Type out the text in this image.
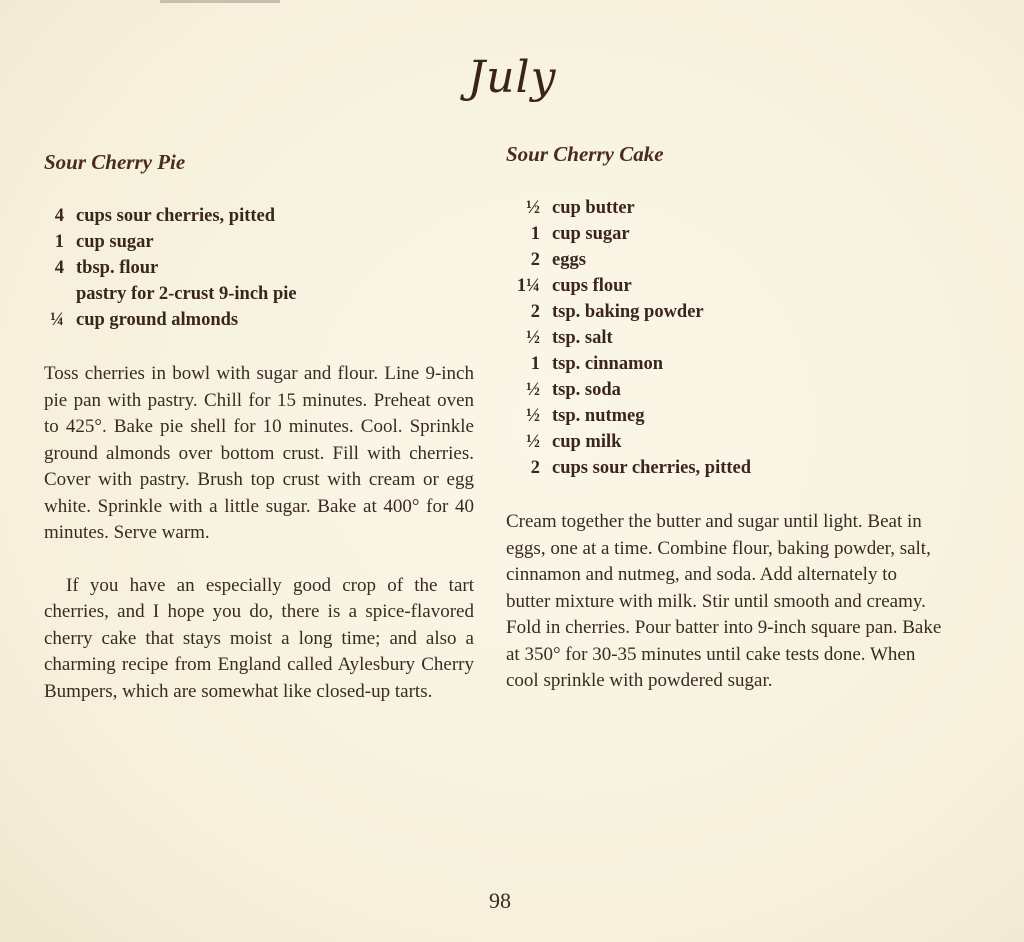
July
Sour Cherry Pie
4 cups sour cherries, pitted
1 cup sugar
4 tbsp. flour
pastry for 2-crust 9-inch pie
¼ cup ground almonds

Toss cherries in bowl with sugar and flour. Line 9-inch pie pan with pastry. Chill for 15 minutes. Preheat oven to 425°. Bake pie shell for 10 minutes. Cool. Sprinkle ground almonds over bottom crust. Fill with cherries. Cover with pastry. Brush top crust with cream or egg white. Sprinkle with a little sugar. Bake at 400° for 40 minutes. Serve warm.

If you have an especially good crop of the tart cherries, and I hope you do, there is a spice-flavored cherry cake that stays moist a long time; and also a charming recipe from England called Aylesbury Cherry Bumpers, which are somewhat like closed-up tarts.

Sour Cherry Cake
½ cup butter
1 cup sugar
2 eggs
1¼ cups flour
2 tsp. baking powder
½ tsp. salt
1 tsp. cinnamon
½ tsp. soda
½ tsp. nutmeg
½ cup milk
2 cups sour cherries, pitted

Cream together the butter and sugar until light. Beat in eggs, one at a time. Combine flour, baking powder, salt, cinnamon and nutmeg, and soda. Add alternately to butter mixture with milk. Stir until smooth and creamy. Fold in cherries. Pour batter into 9-inch square pan. Bake at 350° for 30-35 minutes until cake tests done. When cool sprinkle with powdered sugar.

98
